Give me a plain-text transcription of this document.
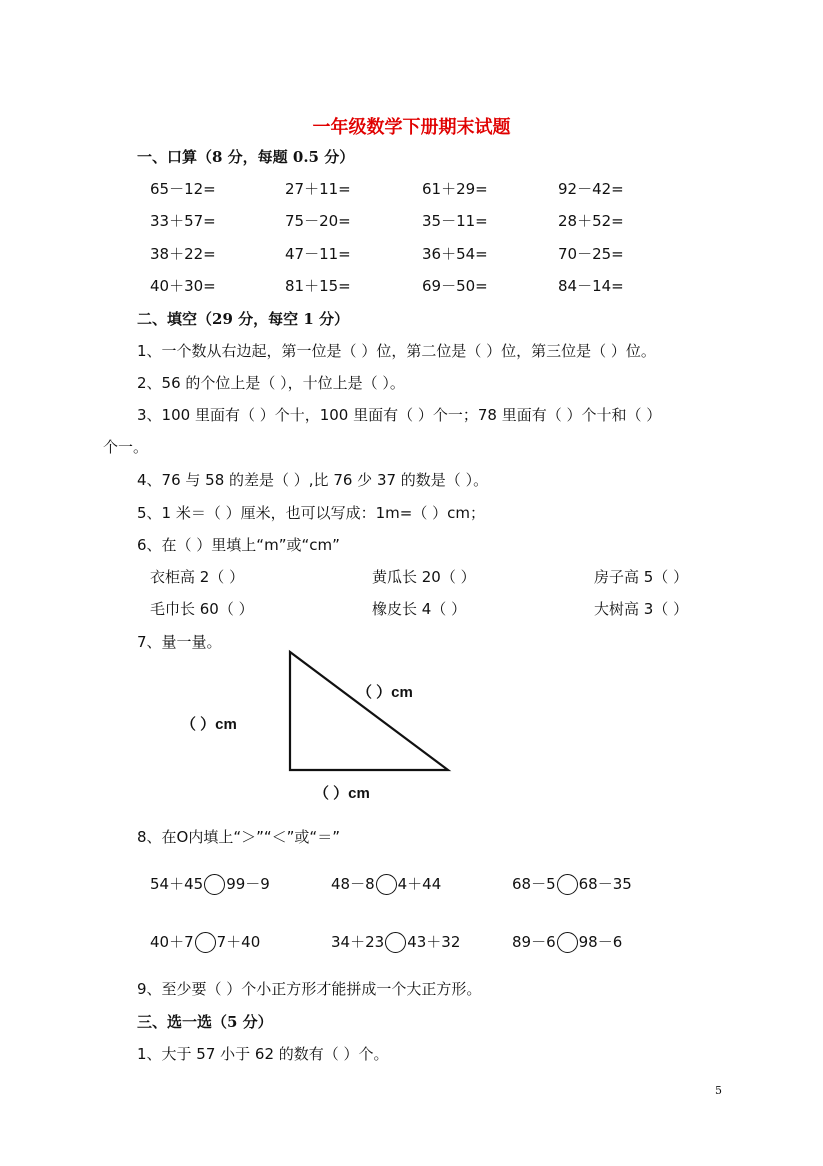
一年级数学下册期末试题
一、口算（8 分，每题 0.5 分）
65－12=	27＋11=	61＋29=	92－42=
33＋57=	75－20=	35－11=	28＋52=
38＋22=	47－11=	36＋54=	70－25=
40＋30=	81＋15=	69－50=	84－14=
二、填空（29 分，每空 1 分）
1、一个数从右边起，第一位是（ ）位，第二位是（ ）位，第三位是（ ）位。
2、56 的个位上是（ ），十位上是（ ）。
3、100 里面有（ ）个十，100 里面有（ ）个一；78 里面有（ ）个十和（ ）
个一。
4、76 与 58 的差是（ ）,比 76 少 37 的数是（ ）。
5、1 米＝（ ）厘米，也可以写成：1m=（ ）cm；
6、在（ ）里填上“m”或“cm”
衣柜高 2（ ）	黄瓜长 20（ ）	房子高 5（ ）
毛巾长 60（ ）	橡皮长 4（ ）	大树高 3（ ）
7、量一量。
（ ）cm
（ ）cm
（ ）cm
8、在O内填上“＞”“＜”或“＝”
54＋45 99－9	48－8 4＋44	68－5 68－35
40＋7 7＋40	34＋23 43＋32	89－6 98－6
9、至少要（ ）个小正方形才能拼成一个大正方形。
三、选一选（5 分）
1、大于 57 小于 62 的数有（ ）个。
5
